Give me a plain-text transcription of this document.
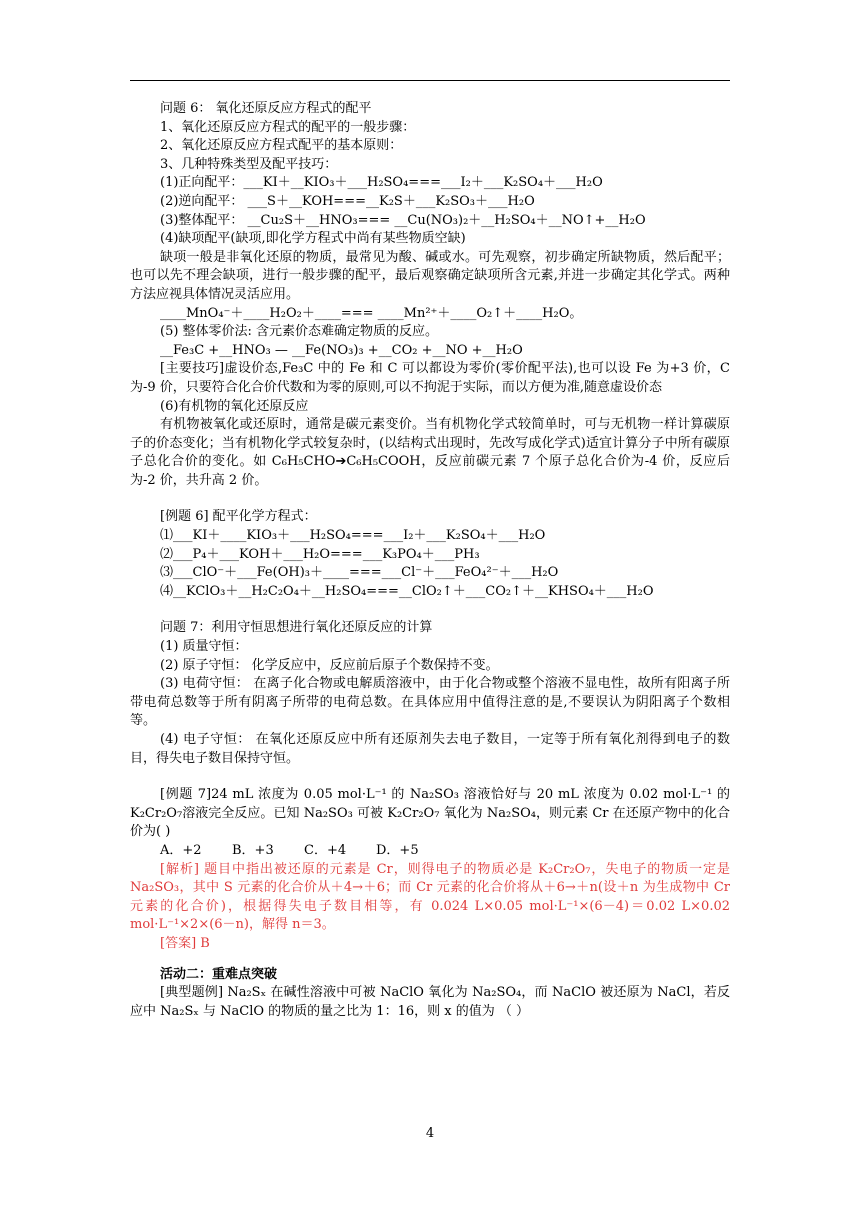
问题 6： 氧化还原反应方程式的配平

1、氧化还原反应方程式的配平的一般步骤：

2、氧化还原反应方程式配平的基本原则：

3、几种特殊类型及配平技巧：

(1)正向配平：___KI＋__KIO₃＋___H₂SO₄===___I₂＋___K₂SO₄＋___H₂O

(2)逆向配平： ___S＋__KOH===__K₂S＋___K₂SO₃＋___H₂O

(3)整体配平： __Cu₂S＋__HNO₃=== __Cu(NO₃)₂＋__H₂SO₄＋__NO↑+__H₂O

(4)缺项配平(缺项,即化学方程式中尚有某些物质空缺)

缺项一般是非氧化还原的物质，最常见为酸、碱或水。可先观察，初步确定所缺物质，然后配平；也可以先不理会缺项，进行一般步骤的配平，最后观察确定缺项所含元素,并进一步确定其化学式。两种方法应视具体情况灵活应用。

____MnO₄⁻＋____H₂O₂＋____=== ____Mn²⁺＋____O₂↑＋____H₂O。

(5) 整体零价法: 含元素价态难确定物质的反应。

__Fe₃C +__HNO₃ — __Fe(NO₃)₃ +__CO₂ +__NO +__H₂O

[主要技巧]虚设价态,Fe₃C 中的 Fe 和 C 可以都设为零价(零价配平法),也可以设 Fe 为+3 价，C 为-9 价，只要符合化合价代数和为零的原则,可以不拘泥于实际，而以方便为准,随意虚设价态

(6)有机物的氧化还原反应

有机物被氧化或还原时，通常是碳元素变价。当有机物化学式较简单时，可与无机物一样计算碳原子的价态变化；当有机物化学式较复杂时，(以结构式出现时，先改写成化学式)适宜计算分子中所有碳原子总化合价的变化。如 C₆H₅CHO➔C₆H₅COOH，反应前碳元素 7 个原子总化合价为-4 价，反应后为-2 价，共升高 2 价。

[例题 6] 配平化学方程式：

⑴___KI＋____KIO₃＋___H₂SO₄===___I₂＋___K₂SO₄＋___H₂O

⑵___P₄＋___KOH＋___H₂O===___K₃PO₄＋___PH₃

⑶___ClO⁻＋___Fe(OH)₃＋____===___Cl⁻＋___FeO₄²⁻＋___H₂O

⑷__KClO₃＋__H₂C₂O₄＋__H₂SO₄===__ClO₂↑＋___CO₂↑＋__KHSO₄＋___H₂O

问题 7：利用守恒思想进行氧化还原反应的计算

(1) 质量守恒：

(2) 原子守恒： 化学反应中，反应前后原子个数保持不变。

(3) 电荷守恒： 在离子化合物或电解质溶液中，由于化合物或整个溶液不显电性，故所有阳离子所带电荷总数等于所有阴离子所带的电荷总数。在具体应用中值得注意的是,不要误认为阴阳离子个数相等。

(4) 电子守恒： 在氧化还原反应中所有还原剂失去电子数目，一定等于所有氧化剂得到电子的数目，得失电子数目保持守恒。

[例题 7]24 mL 浓度为 0.05 mol·L⁻¹ 的 Na₂SO₃ 溶液恰好与 20 mL 浓度为 0.02 mol·L⁻¹ 的 K₂Cr₂O₇溶液完全反应。已知 Na₂SO₃ 可被 K₂Cr₂O₇ 氧化为 Na₂SO₄，则元素 Cr 在还原产物中的化合价为( )

A．+2 B．+3 C．+4 D．+5

[解析] 题目中指出被还原的元素是 Cr，则得电子的物质必是 K₂Cr₂O₇，失电子的物质一定是 Na₂SO₃，其中 S 元素的化合价从＋4→＋6；而 Cr 元素的化合价将从＋6→＋n(设＋n 为生成物中 Cr 元素的化合价)，根据得失电子数目相等，有 0.024 L×0.05 mol·L⁻¹×(6－4)＝0.02 L×0.02 mol·L⁻¹×2×(6－n)，解得 n＝3。

[答案] B

活动二：重难点突破

[典型题例] Na₂Sₓ 在碱性溶液中可被 NaClO 氧化为 Na₂SO₄，而 NaClO 被还原为 NaCl，若反应中 Na₂Sₓ 与 NaClO 的物质的量之比为 1：16，则 x 的值为 （ ）

4
